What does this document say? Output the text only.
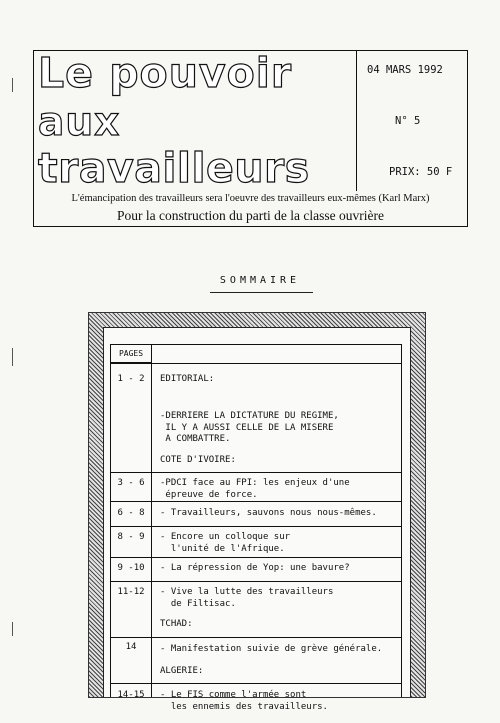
Le pouvoir
aux
travailleurs
04 MARS 1992
N° 5
PRIX: 50 F
L'émancipation des travailleurs sera l'oeuvre des travailleurs eux-mêmes (Karl Marx)
Pour la construction du parti de la classe ouvrière
SOMMAIRE
PAGES
1 - 2	EDITORIAL:
-DERRIERE LA DICTATURE DU REGIME,
IL Y A AUSSI CELLE DE LA MISERE
A COMBATTRE.
COTE D'IVOIRE:
3 - 6	-PDCI face au FPI: les enjeux d'une
épreuve de force.
6 - 8	- Travailleurs, sauvons nous nous-mêmes.
8 - 9	- Encore un colloque sur
l'unité de l'Afrique.
9 -10	- La répression de Yop: une bavure?
11-12	- Vive la lutte des travailleurs
de Filtisac.
TCHAD:
14	- Manifestation suivie de grève générale.
ALGERIE:
14-15	- Le FIS comme l'armée sont
les ennemis des travailleurs.
